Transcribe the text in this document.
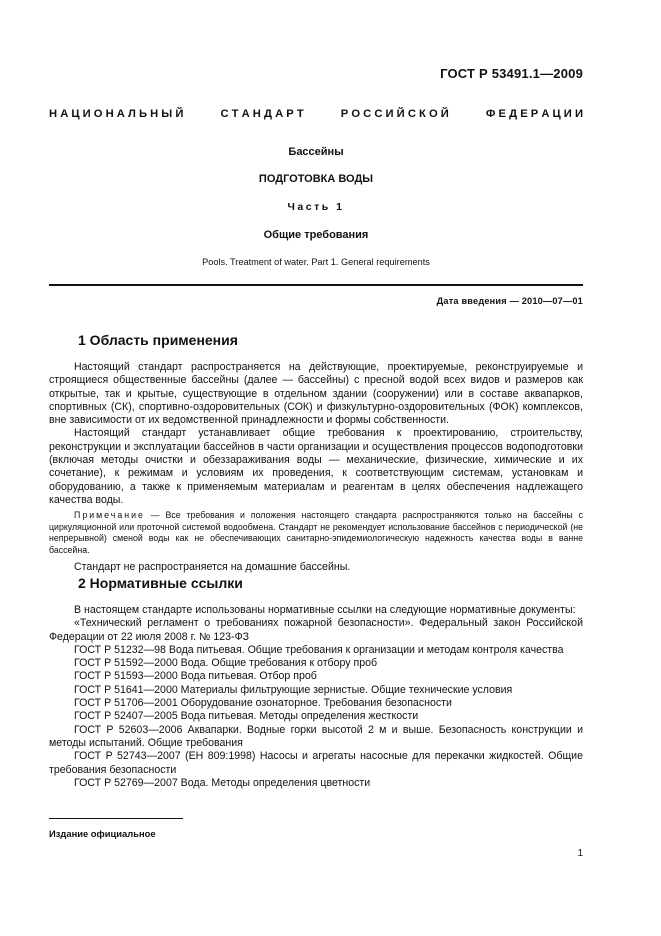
ГОСТ Р 53491.1—2009
Н А Ц И О Н А Л Ь Н Ы Й	С Т А Н Д А Р Т	Р О С С И Й С К О Й	Ф Е Д Е Р А Ц И И
Бассейны
ПОДГОТОВКА ВОДЫ
Часть 1
Общие требования
Pools. Treatment of water. Part 1. General requirements
Дата введения — 2010—07—01
1 Область применения

Настоящий стандарт распространяется на действующие, проектируемые, реконструируемые и строящиеся общественные бассейны (далее — бассейны) с пресной водой всех видов и размеров как открытые, так и крытые, существующие в отдельном здании (сооружении) или в составе аквапарков, спортивных (СК), спортивно-оздоровительных (СОК) и физкультурно-оздоровительных (ФОК) комплексов, вне зависимости от их ведомственной принадлежности и формы собственности.

Настоящий стандарт устанавливает общие требования к проектированию, строительству, реконструкции и эксплуатации бассейнов в части организации и осуществления процессов водоподготовки (включая методы очистки и обеззараживания воды — механические, физические, химические и их сочетание), к режимам и условиям их проведения, к соответствующим системам, установкам и оборудованию, а также к применяемым материалам и реагентам в целях обеспечения надлежащего качества воды.

Примечание — Все требования и положения настоящего стандарта распространяются только на бассейны с циркуляционной или проточной системой водообмена. Стандарт не рекомендует использование бассейнов с периодической (не непрерывной) сменой воды как не обеспечивающих санитарно-эпидемиологическую надежность качества воды в ванне бассейна.

Стандарт не распространяется на домашние бассейны.

2 Нормативные ссылки

В настоящем стандарте использованы нормативные ссылки на следующие нормативные документы:

«Технический регламент о требованиях пожарной безопасности». Федеральный закон Российской Федерации от 22 июля 2008 г. № 123-ФЗ

ГОСТ Р 51232—98 Вода питьевая. Общие требования к организации и методам контроля качества

ГОСТ Р 51592—2000 Вода. Общие требования к отбору проб

ГОСТ Р 51593—2000 Вода питьевая. Отбор проб

ГОСТ Р 51641—2000 Материалы фильтрующие зернистые. Общие технические условия

ГОСТ Р 51706—2001 Оборудование озонаторное. Требования безопасности

ГОСТ Р 52407—2005 Вода питьевая. Методы определения жесткости

ГОСТ Р 52603—2006 Аквапарки. Водные горки высотой 2 м и выше. Безопасность конструкции и методы испытаний. Общие требования

ГОСТ Р 52743—2007 (ЕН 809:1998) Насосы и агрегаты насосные для перекачки жидкостей. Общие требования безопасности

ГОСТ Р 52769—2007 Вода. Методы определения цветности

Издание официальное
1
